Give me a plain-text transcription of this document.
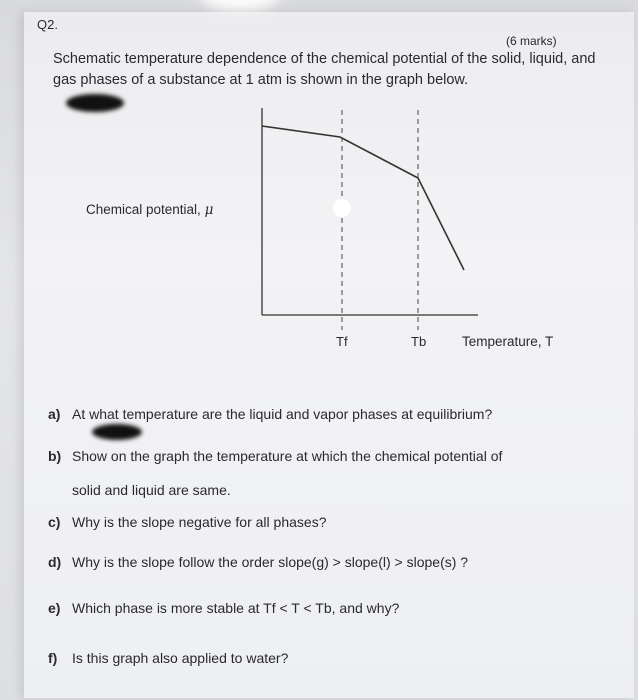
Q2.
(6 marks)
Schematic temperature dependence of the chemical potential of the solid, liquid, and gas phases of a substance at 1 atm is shown in the graph below.
Chemical potential, μ
Tf	Tb	Temperature, T
a) At what temperature are the liquid and vapor phases at equilibrium?
b) Show on the graph the temperature at which the chemical potential of
solid and liquid are same.
c) Why is the slope negative for all phases?
d) Why is the slope follow the order slope(g) > slope(l) > slope(s) ?
e) Which phase is more stable at Tf < T < Tb, and why?
f) Is this graph also applied to water?
